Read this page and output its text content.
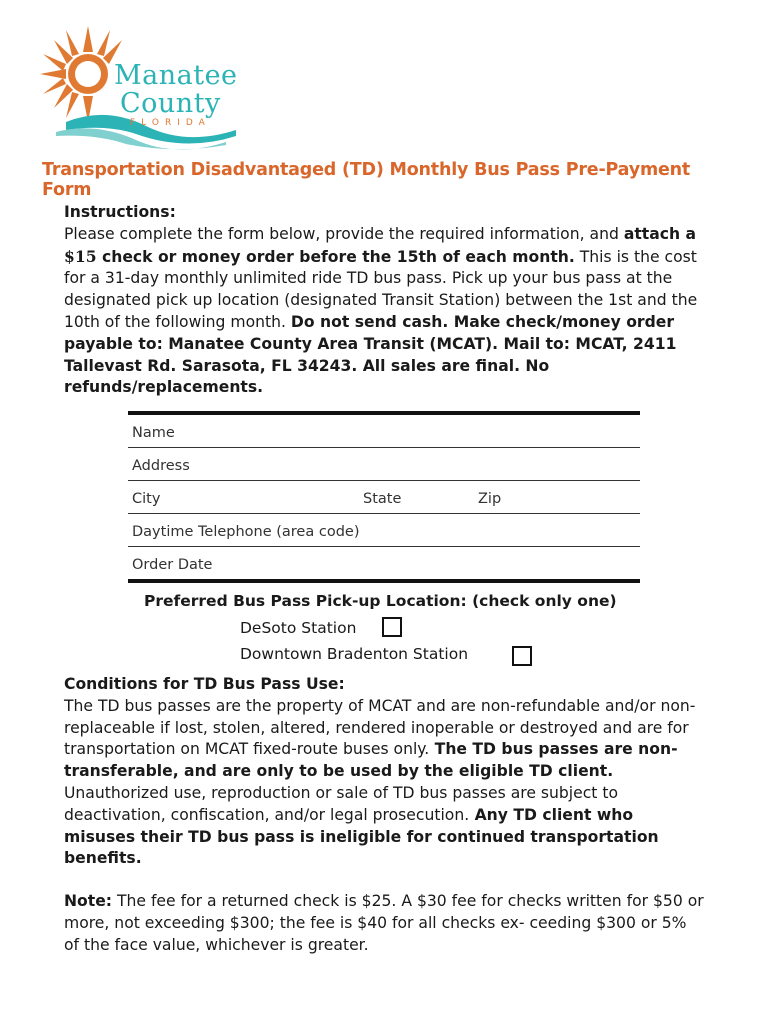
Manatee
County
FLORIDA
Transportation Disadvantaged (TD) Monthly Bus Pass Pre-Payment Form
Instructions:
Please complete the form below, provide the required information, and attach a $15 check or money order before the 15th of each month. This is the cost for a 31-day monthly unlimited ride TD bus pass. Pick up your bus pass at the designated pick up location (designated Transit Station) between the 1st and the 10th of the following month. Do not send cash. Make check/money order payable to: Manatee County Area Transit (MCAT). Mail to: MCAT, 2411 Tallevast Rd. Sarasota, FL 34243. All sales are final. No refunds/replacements.
Name
Address
City	State	Zip
Daytime Telephone (area code)
Order Date
Preferred Bus Pass Pick-up Location: (check only one)
DeSoto Station
Downtown Bradenton Station
Conditions for TD Bus Pass Use:
The TD bus passes are the property of MCAT and are non-refundable and/or non-replaceable if lost, stolen, altered, rendered inoperable or destroyed and are for transportation on MCAT fixed-route buses only. The TD bus passes are non-transferable, and are only to be used by the eligible TD client. Unauthorized use, reproduction or sale of TD bus passes are subject to deactivation, confiscation, and/or legal prosecution. Any TD client who misuses their TD bus pass is ineligible for continued transportation benefits.
Note: The fee for a returned check is $25. A $30 fee for checks written for $50 or more, not exceeding $300; the fee is $40 for all checks ex- ceeding $300 or 5% of the face value, whichever is greater.
